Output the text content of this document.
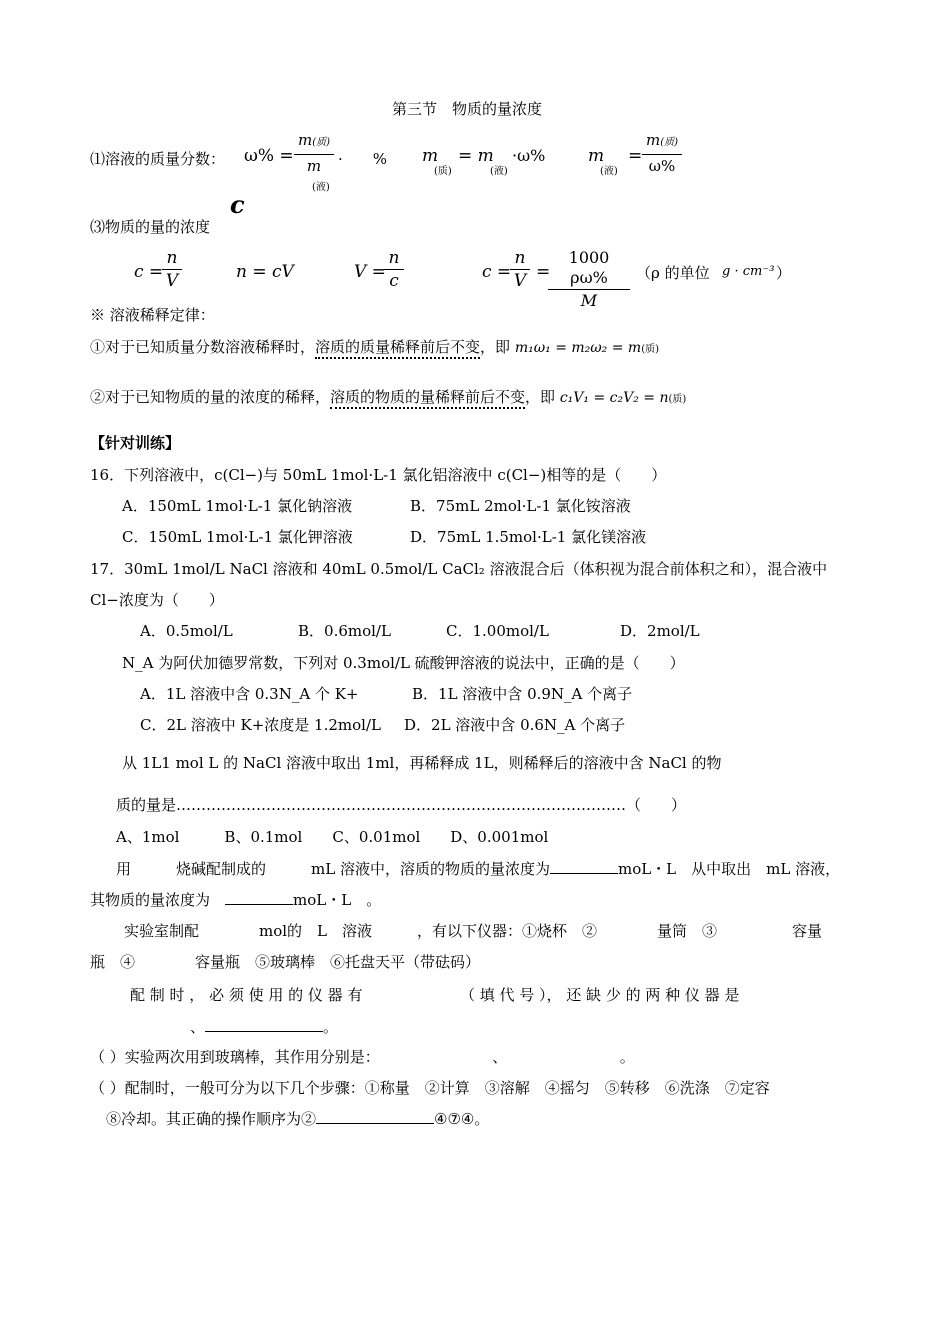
第三节　物质的量浓度
⑴溶液的质量分数： ω% =
m(质)
m
(液)
·　　% m
(质)
= m
(液)
·ω%	m
(液)
=
m(质)
ω%
c
⑶物质的量的浓度
c =
n
V	n = cV	V =
n
c	c =
n
V =
1000 ρω%
M
（ρ 的单位 g · cm⁻³ ）
※ 溶液稀释定律：
①对于已知质量分数溶液稀释时，溶质的质量稀释前后不变，即 m₁ω₁ = m₂ω₂ = m(质)
②对于已知物质的量的浓度的稀释，溶质的物质的量稀释前后不变，即 c₁V₁ = c₂V₂ = n(质)
【针对训练】
16．下列溶液中，c(Cl−)与 50mL 1mol·L-1 氯化铝溶液中 c(Cl−)相等的是（　　）
A．150mL 1mol·L-1 氯化钠溶液	B．75mL 2mol·L-1 氯化铵溶液
C．150mL 1mol·L-1 氯化钾溶液	D．75mL 1.5mol·L-1 氯化镁溶液
17．30mL 1mol/L NaCl 溶液和 40mL 0.5mol/L CaCl₂ 溶液混合后（体积视为混合前体积之和），混合液中
Cl−浓度为（　　）
A．0.5mol/L	B．0.6mol/L	C．1.00mol/L	D．2mol/L
N_A 为阿伏加德罗常数，下列对 0.3mol/L 硫酸钾溶液的说法中，正确的是（　　）
A．1L 溶液中含 0.3N_A 个 K+	B．1L 溶液中含 0.9N_A 个离子
C．2L 溶液中 K+浓度是 1.2mol/L D．2L 溶液中含 0.6N_A 个离子
从 1L1 mol L 的 NaCl 溶液中取出 1ml，再稀释成 1L，则稀释后的溶液中含 NaCl 的物
质的量是………………………………………………………………………………（　　）
A、1mol　　　B、0.1mol　　C、0.01mol　　D、0.001mol
用　　　烧碱配制成的　　　mL 溶液中，溶质的物质的量浓度为	moL・L　从中取出　mL 溶液，
其物质的量浓度为　	moL・L　。
实验室制配　　　　mol的　L　溶液　　　，有以下仪器：①烧杯　②　　　　量筒　③　　　　　容量
瓶　④　　　　容量瓶　⑤玻璃棒　⑥托盘天平（带砝码）
配 制 时 ， 必 须 使 用 的 仪 器 有　　　　　　　（ 填 代 号 ）， 还 缺 少 的 两 种 仪 器 是
、	。
（ ）实验两次用到玻璃棒，其作用分别是：　　　　　　　　、　　　　　　　　。
（ ）配制时，一般可分为以下几个步骤：①称量　②计算　③溶解　④摇匀　⑤转移　⑥洗涤　⑦定容
⑧冷却。其正确的操作顺序为②	④⑦④。
